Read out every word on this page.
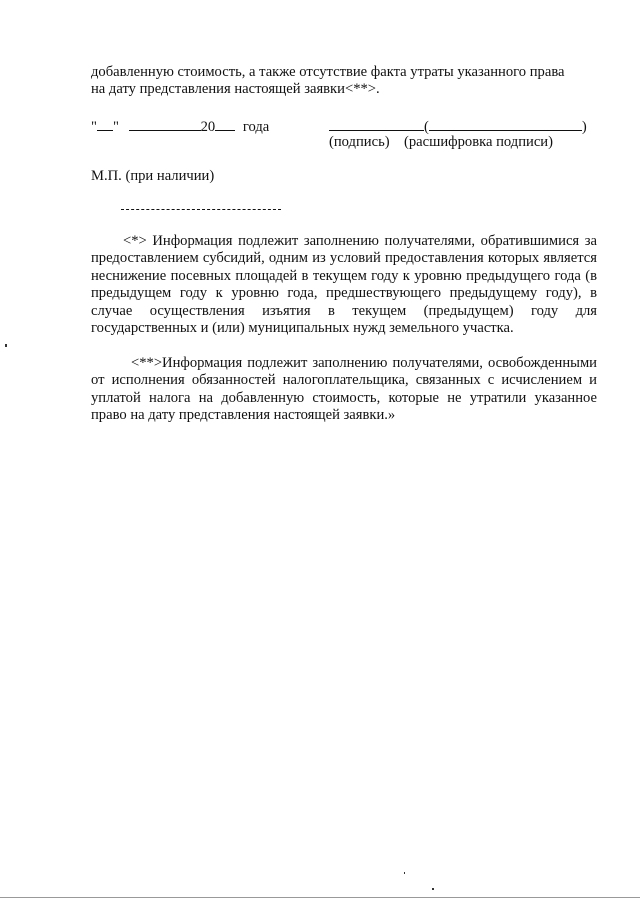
добавленную стоимость, а также отсутствие факта утраты указанного права

на дату представления настоящей заявки<**>.

" "	20 года	(	)

(подпись) (расшифровка подписи)

М.П. (при наличии)

<*> Информация подлежит заполнению получателями, обратившимися за предоставлением субсидий, одним из условий предоставления которых является неснижение посевных площадей в текущем году к уровню предыдущего года (в предыдущем году к уровню года, предшествующего предыдущему году), в случае осуществления изъятия в текущем (предыдущем) году для государственных и (или) муниципальных нужд земельного участка.

<**>Информация подлежит заполнению получателями, освобожденными от исполнения обязанностей налогоплательщика, связанных с исчислением и уплатой налога на добавленную стоимость, которые не утратили указанное право на дату представления настоящей заявки.»
